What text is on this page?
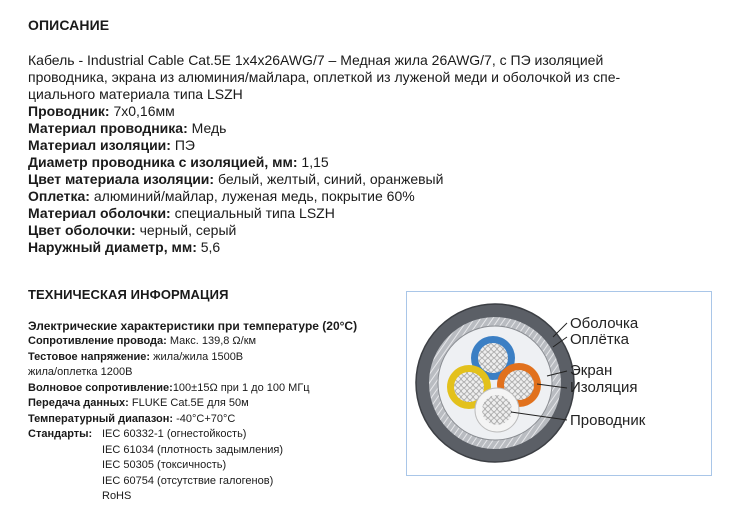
ОПИСАНИЕ

Кабель - Industrial Cable Cat.5E 1x4x26AWG/7 – Медная жила 26AWG/7, с ПЭ изоляцией

проводника, экрана из алюминия/майлара, оплеткой из луженой меди и оболочкой из спе-

циального материала типа LSZH

Проводник: 7x0,16мм

Материал проводника: Медь

Материал изоляции: ПЭ

Диаметр проводника с изоляцией, мм: 1,15

Цвет материала изоляции: белый, желтый, синий, оранжевый

Оплетка: алюминий/майлар, луженая медь, покрытие 60%

Материал оболочки: специальный типа LSZH

Цвет оболочки: черный, серый

Наружный диаметр, мм: 5,6

ТЕХНИЧЕСКАЯ ИНФОРМАЦИЯ

Электрические характеристики при температуре (20°С)

Сопротивление провода: Макс. 139,8 Ω/км

Тестовое напряжение: жила/жила 1500В

жила/оплетка 1200В

Волновое сопротивление:100±15Ω при 1 до 100 МГц

Передача данных: FLUKE Cat.5E для 50м

Температурный диапазон: -40°C+70°C

Стандарты: IEC 60332-1 (огнестойкость)
IEC 61034 (плотность задымления)
IEC 50305 (токсичность)
IEC 60754 (отсутствие галогенов)
RoHS
Оболочка
Оплётка
Экран
Изоляция
Проводник
